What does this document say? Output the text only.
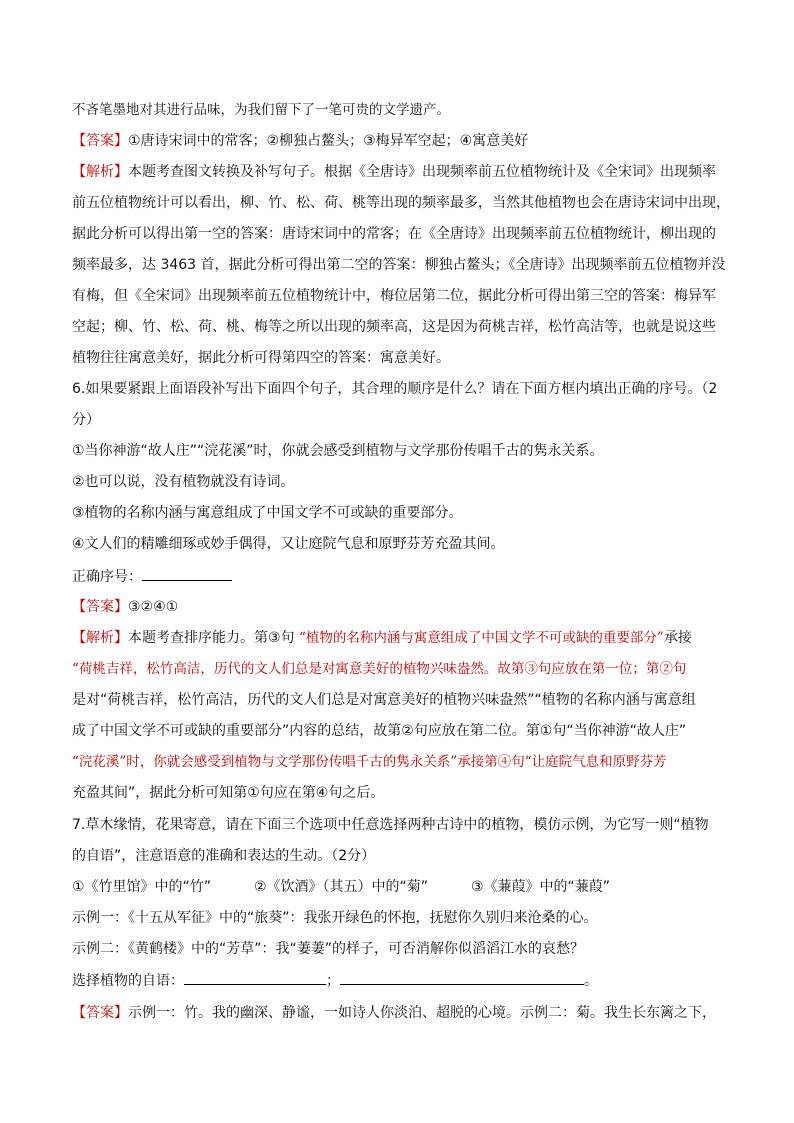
不吝笔墨地对其进行品味，为我们留下了一笔可贵的文学遗产。
【答案】①唐诗宋词中的常客；②柳独占鳌头；③梅异军空起；④寓意美好
【解析】本题考查图文转换及补写句子。根据《全唐诗》出现频率前五位植物统计及《全宋词》出现频率
前五位植物统计可以看出，柳、竹、松、荷、桃等出现的频率最多，当然其他植物也会在唐诗宋词中出现，
据此分析可以得出第一空的答案：唐诗宋词中的常客；在《全唐诗》出现频率前五位植物统计，柳出现的
频率最多，达 3463 首，据此分析可得出第二空的答案：柳独占鳌头；《全唐诗》出现频率前五位植物并没
有梅，但《全宋词》出现频率前五位植物统计中，梅位居第二位，据此分析可得出第三空的答案：梅异军
空起；柳、竹、松、荷、桃、梅等之所以出现的频率高，这是因为荷桃吉祥，松竹高洁等，也就是说这些
植物往往寓意美好，据此分析可得第四空的答案：寓意美好。
6.如果要紧跟上面语段补写出下面四个句子，其合理的顺序是什么？请在下面方框内填出正确的序号。（2
分）
①当你神游“故人庄”“浣花溪”时，你就会感受到植物与文学那份传唱千古的隽永关系。
②也可以说，没有植物就没有诗词。
③植物的名称内涵与寓意组成了中国文学不可或缺的重要部分。
④文人们的精雕细琢或妙手偶得，又让庭院气息和原野芬芳充盈其间。
正确序号：
【答案】③②④①
【解析】本题考查排序能力。第③句 “植物的名称内涵与寓意组成了中国文学不可或缺的重要部分”承接
“荷桃吉祥，松竹高洁，历代的文人们总是对寓意美好的植物兴味盎然。故第③句应放在第一位；第②句
是对“荷桃吉祥，松竹高洁，历代的文人们总是对寓意美好的植物兴味盎然”“植物的名称内涵与寓意组
成了中国文学不可或缺的重要部分”内容的总结，故第②句应放在第二位。第①句“当你神游“故人庄”
“浣花溪”时，你就会感受到植物与文学那份传唱千古的隽永关系”承接第④句“让庭院气息和原野芬芳
充盈其间”，据此分析可知第①句应在第④句之后。
7.草木缘情，花果寄意，请在下面三个选项中任意选择两种古诗中的植物，模仿示例，为它写一则“植物
的自语”，注意语意的准确和表达的生动。（2分）
①《竹里馆》中的“竹”	②《饮酒》（其五）中的“菊”	③《蒹葭》中的“蒹葭”
示例一：《十五从军征》中的“旅葵”：我张开绿色的怀抱，抚慰你久别归来沧桑的心。
示例二：《黄鹤楼》中的“芳草”：我“萋萋”的样子，可否消解你似滔滔江水的哀愁？
选择植物的自语：	；	。
【答案】示例一：竹。我的幽深、静谧，一如诗人你淡泊、超脱的心境。示例二：菊。我生长东篱之下，
